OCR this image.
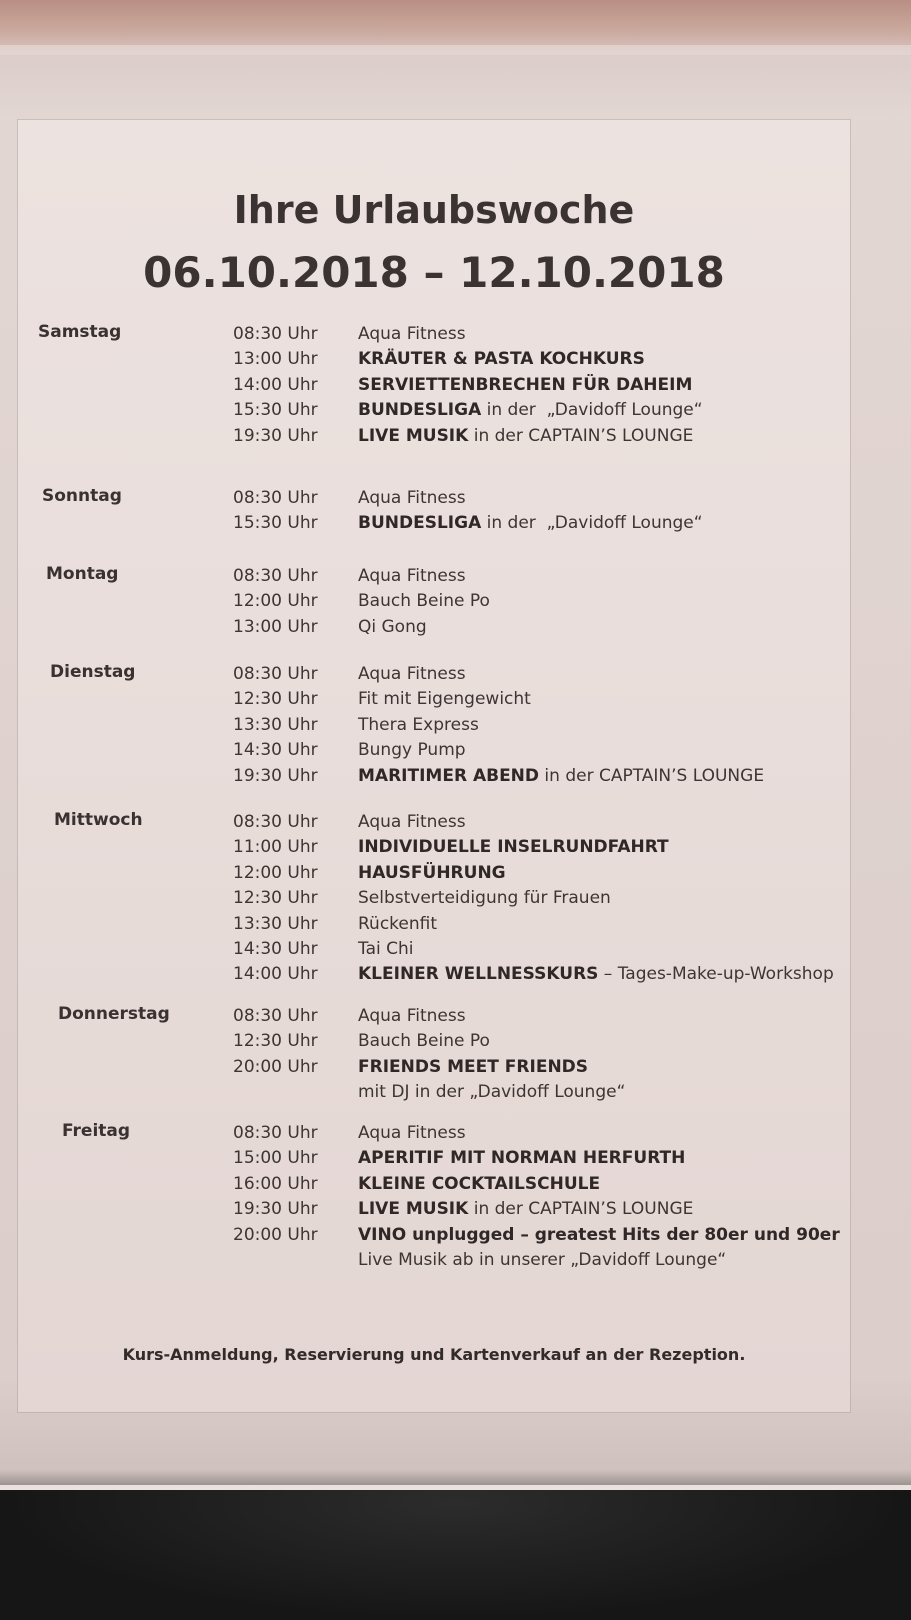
Ihre Urlaubswoche
06.10.2018 – 12.10.2018
Samstag	08:30 Uhr	Aqua Fitness
13:00 Uhr	KRÄUTER & PASTA KOCHKURS
14:00 Uhr	SERVIETTENBRECHEN FÜR DAHEIM
15:30 Uhr	BUNDESLIGA in der  „Davidoff Lounge“
19:30 Uhr	LIVE MUSIK in der CAPTAIN’S LOUNGE
Sonntag	08:30 Uhr	Aqua Fitness
15:30 Uhr	BUNDESLIGA in der  „Davidoff Lounge“
Montag	08:30 Uhr	Aqua Fitness
12:00 Uhr	Bauch Beine Po
13:00 Uhr	Qi Gong
Dienstag	08:30 Uhr	Aqua Fitness
12:30 Uhr	Fit mit Eigengewicht
13:30 Uhr	Thera Express
14:30 Uhr	Bungy Pump
19:30 Uhr	MARITIMER ABEND in der CAPTAIN’S LOUNGE
Mittwoch	08:30 Uhr	Aqua Fitness
11:00 Uhr	INDIVIDUELLE INSELRUNDFAHRT
12:00 Uhr	HAUSFÜHRUNG
12:30 Uhr	Selbstverteidigung für Frauen
13:30 Uhr	Rückenfit
14:30 Uhr	Tai Chi
14:00 Uhr	KLEINER WELLNESSKURS – Tages-Make-up-Workshop
Donnerstag	08:30 Uhr	Aqua Fitness
12:30 Uhr	Bauch Beine Po
20:00 Uhr	FRIENDS MEET FRIENDS
mit DJ in der „Davidoff Lounge“
Freitag	08:30 Uhr	Aqua Fitness
15:00 Uhr	APERITIF MIT NORMAN HERFURTH
16:00 Uhr	KLEINE COCKTAILSCHULE
19:30 Uhr	LIVE MUSIK in der CAPTAIN’S LOUNGE
20:00 Uhr	VINO unplugged – greatest Hits der 80er und 90er
Live Musik ab in unserer „Davidoff Lounge“
Kurs-Anmeldung, Reservierung und Kartenverkauf an der Rezeption.
